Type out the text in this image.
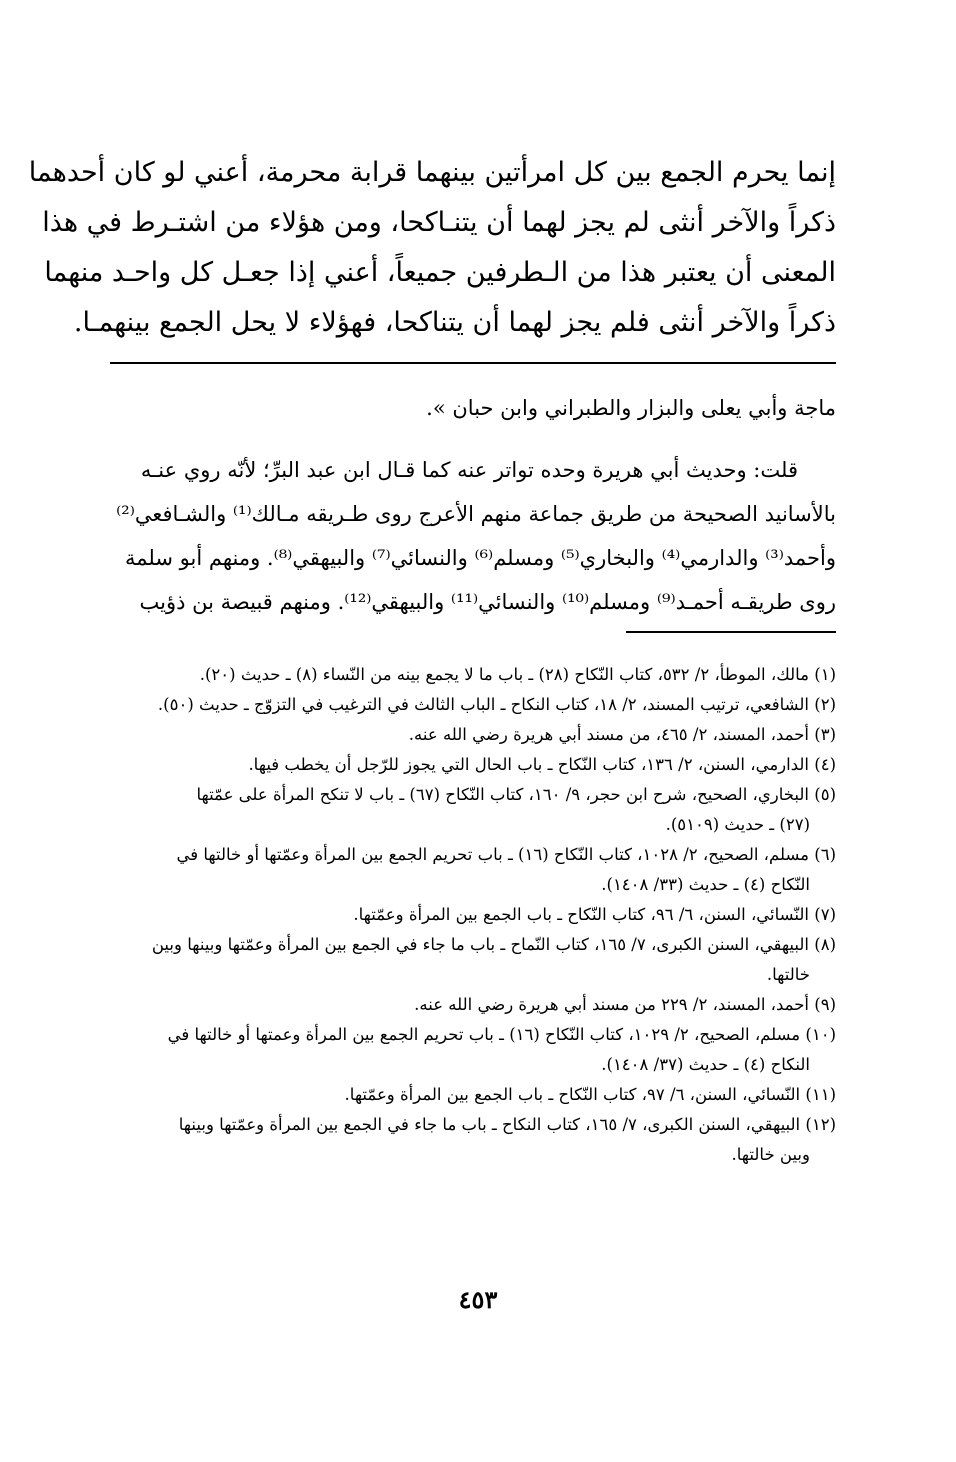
إنما يحرم الجمع بين كل امرأتين بينهما قرابة محرمة، أعني لو كان أحدهما
ذكراً والآخر أنثى لم يجز لهما أن يتنـاكحا، ومن هؤلاء من اشتـرط في هذا
المعنى أن يعتبر هذا من الـطرفين جميعاً، أعني إذا جعـل كل واحـد منهما
ذكراً والآخر أنثى فلم يجز لهما أن يتناكحا، فهؤلاء لا يحل الجمع بينهمـا.
ماجة وأبي يعلى والبزار والطبراني وابن حبان ».
قلت: وحديث أبي هريرة وحده تواتر عنه كما قـال ابن عبد البرِّ؛ لأنّه روي عنـه
بالأسانيد الصحيحة من طريق جماعة منهم الأعرج روى طـريقه مـالك⁽¹⁾ والشـافعي⁽²⁾
وأحمد⁽³⁾ والدارمي⁽⁴⁾ والبخاري⁽⁵⁾ ومسلم⁽⁶⁾ والنسائي⁽⁷⁾ والبيهقي⁽⁸⁾. ومنهم أبو سلمة
روى طريقـه أحمـد⁽⁹⁾ ومسلم⁽¹⁰⁾ والنسائي⁽¹¹⁾ والبيهقي⁽¹²⁾. ومنهم قبيصة بن ذؤيب
(١) مالك، الموطأ، ٢/ ٥٣٢، كتاب النّكاح (٢٨) ـ باب ما لا يجمع بينه من النّساء (٨) ـ حديث (٢٠).
(٢) الشافعي، ترتيب المسند، ٢/ ١٨، كتاب النكاح ـ الباب الثالث في الترغيب في التزوّج ـ حديث (٥٠).
(٣) أحمد، المسند، ٢/ ٤٦٥، من مسند أبي هريرة رضي الله عنه.
(٤) الدارمي، السنن، ٢/ ١٣٦، كتاب النّكاح ـ باب الحال التي يجوز للرّجل أن يخطب فيها.
(٥) البخاري، الصحيح، شرح ابن حجر، ٩/ ١٦٠، كتاب النّكاح (٦٧) ـ باب لا تنكح المرأة على عمّتها
(٢٧) ـ حديث (٥١٠٩).
(٦) مسلم، الصحيح، ٢/ ١٠٢٨، كتاب النّكاح (١٦) ـ باب تحريم الجمع بين المرأة وعمّتها أو خالتها في
النّكاح (٤) ـ حديث (٣٣/ ١٤٠٨).
(٧) النّسائي، السنن، ٦/ ٩٦، كتاب النّكاح ـ باب الجمع بين المرأة وعمّتها.
(٨) البيهقي، السنن الكبرى، ٧/ ١٦٥، كتاب النّماح ـ باب ما جاء في الجمع بين المرأة وعمّتها وبينها وبين
خالتها.
(٩) أحمد، المسند، ٢/ ٢٢٩ من مسند أبي هريرة رضي الله عنه.
(١٠) مسلم، الصحيح، ٢/ ١٠٢٩، كتاب النّكاح (١٦) ـ باب تحريم الجمع بين المرأة وعمتها أو خالتها في
النكاح (٤) ـ حديث (٣٧/ ١٤٠٨).
(١١) النّسائي، السنن، ٦/ ٩٧، كتاب النّكاح ـ باب الجمع بين المرأة وعمّتها.
(١٢) البيهقي، السنن الكبرى، ٧/ ١٦٥، كتاب النكاح ـ باب ما جاء في الجمع بين المرأة وعمّتها وبينها
وبين خالتها.
٤٥٣
